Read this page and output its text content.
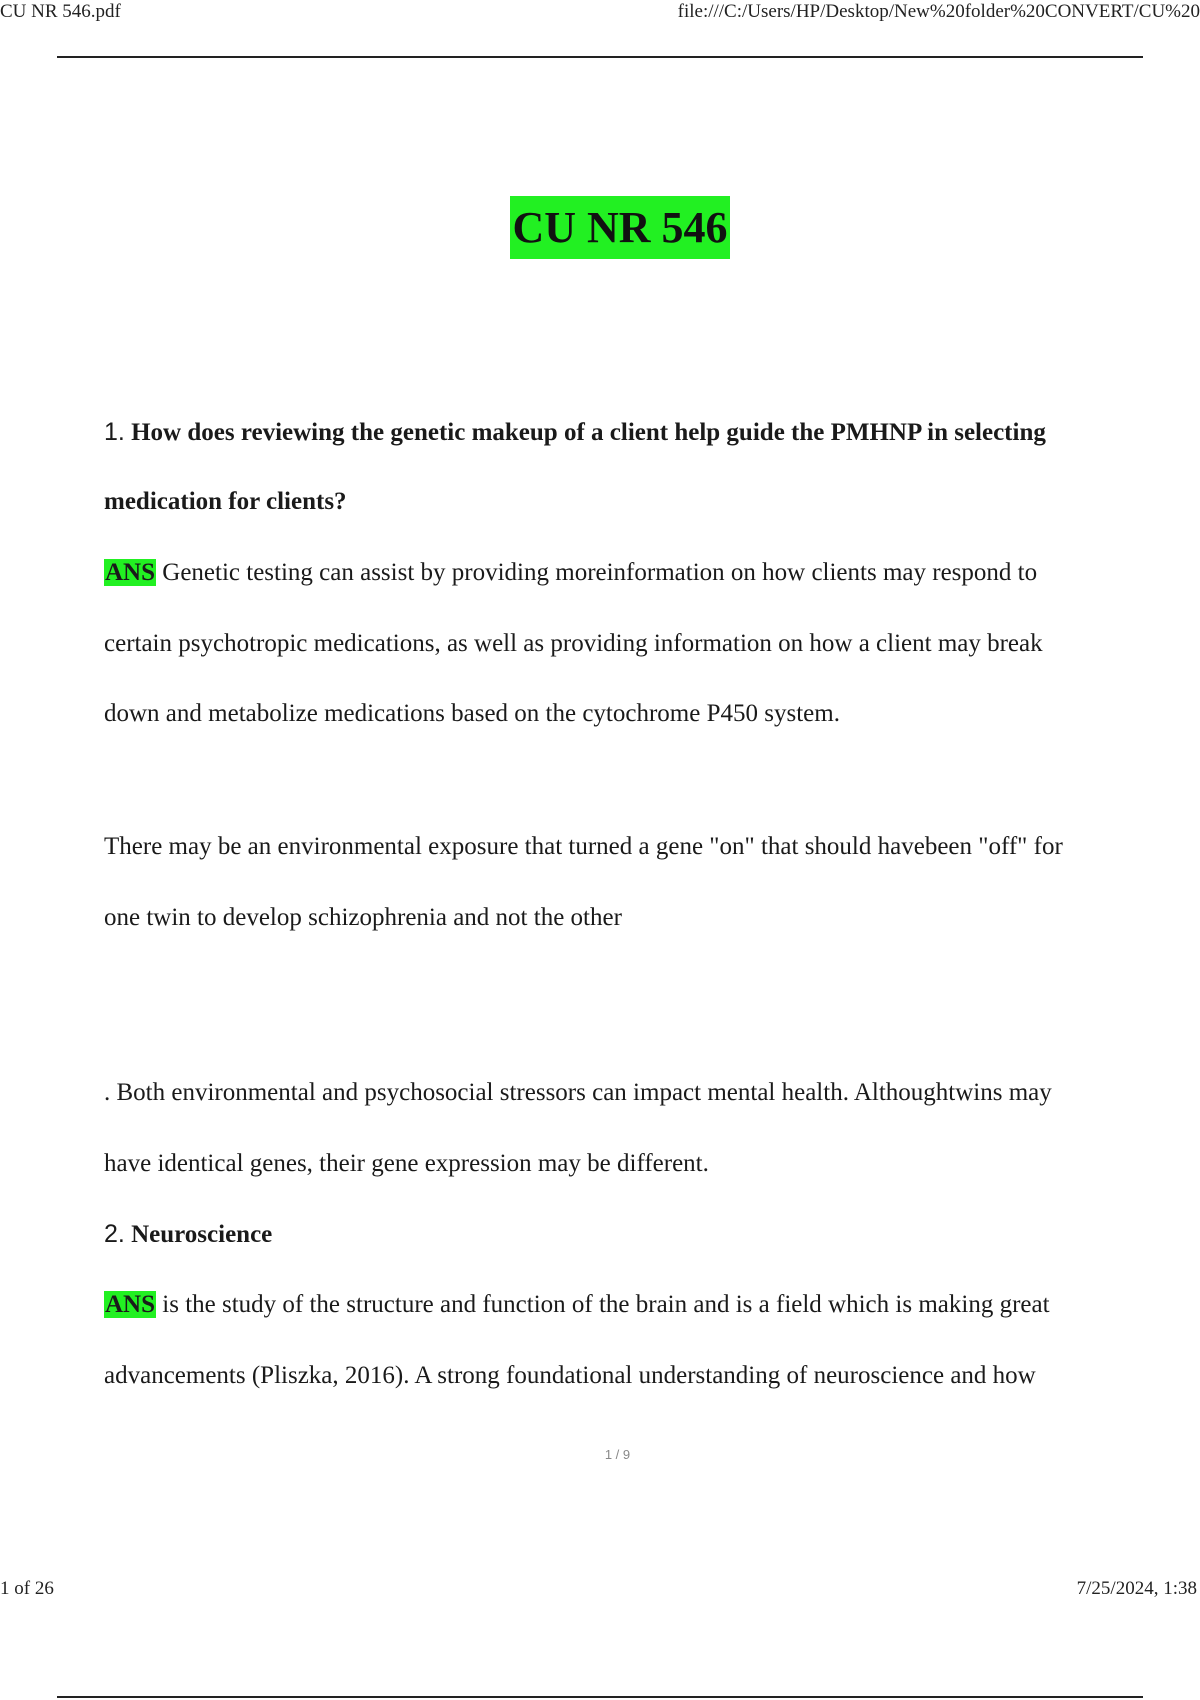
CU NR 546.pdf	file:///C:/Users/HP/Desktop/New%20folder%20CONVERT/CU%20
CU NR 546
1. How does reviewing the genetic makeup of a client help guide the PMHNP in selecting
medication for clients?
ANS Genetic testing can assist by providing moreinformation on how clients may respond to
certain psychotropic medications, as well as providing information on how a client may break
down and metabolize medications based on the cytochrome P450 system.
There may be an environmental exposure that turned a gene "on" that should havebeen "off" for
one twin to develop schizophrenia and not the other
. Both environmental and psychosocial stressors can impact mental health. Althoughtwins may
have identical genes, their gene expression may be different.
2. Neuroscience
ANS is the study of the structure and function of the brain and is a field which is making great
advancements (Pliszka, 2016). A strong foundational understanding of neuroscience and how
1 / 9
1 of 26	7/25/2024, 1:38
